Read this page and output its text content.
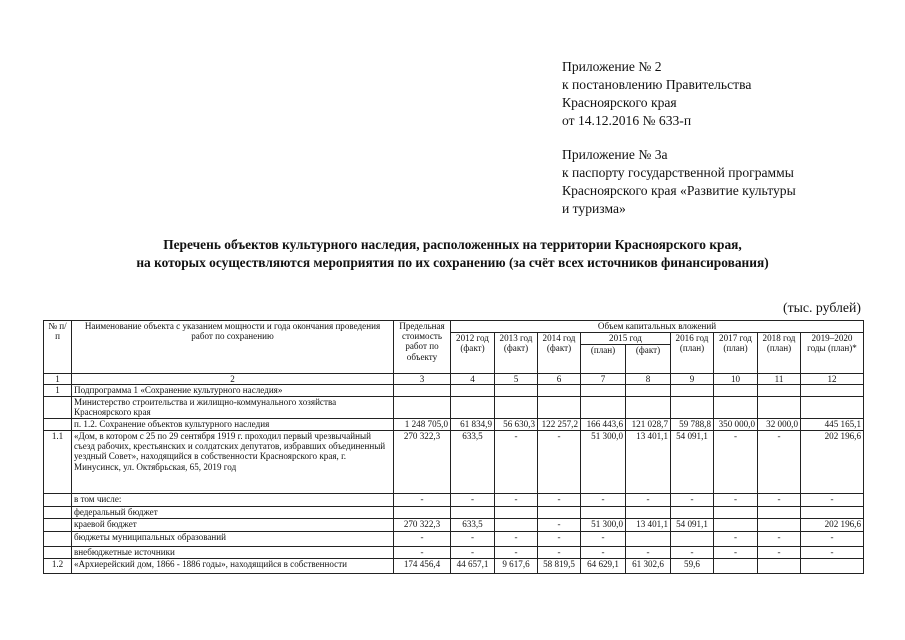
Приложение № 2
к постановлению Правительства
Красноярского края
от 14.12.2016 № 633-п
Приложение № 3а
к паспорту государственной программы
Красноярского края «Развитие культуры
и туризма»
Перечень объектов культурного наследия, расположенных на территории Красноярского края,
на которых осуществляются мероприятия по их сохранению (за счёт всех источников финансирования)
(тыс. рублей)
№ п/п	Наименование объекта с указанием мощности и года окончания проведения работ по сохранению	Предельная стоимость работ по объекту	Объем капитальных вложений								
			2012 год (факт)	2013 год (факт)	2014 год (факт)	2015 год		2016 год (план)	2017 год (план)	2018 год (план)	2019–2020 годы (план)*
						(план)	(факт)				
1	2	3	4	5	6	7	8	9	10	11	12
1	Подпрограмма 1 «Сохранение культурного наследия»										
	Министерство строительства и жилищно-коммунального хозяйства Красноярского края										
	п. 1.2. Сохранение объектов культурного наследия	1 248 705,0	61 834,9	56 630,3	122 257,2	166 443,6	121 028,7	59 788,8	350 000,0	32 000,0	445 165,1
1.1	«Дом, в котором с 25 по 29 сентября 1919 г. проходил первый чрезвычайный съезд рабочих, крестьянских и солдатских депутатов, избравших объединенный уездный Совет», находящийся в собственности Красноярского края, г. Минусинск, ул. Октябрьская, 65, 2019 год	270 322,3	633,5	-	-	51 300,0	13 401,1	54 091,1	-	-	202 196,6
	в том числе:	-	-	-	-	-	-	-	-	-	-
	федеральный бюджет										
	краевой бюджет	270 322,3	633,5		-	51 300,0	13 401,1	54 091,1			202 196,6
	бюджеты муниципальных образований	-	-	-	-	-			-	-	-
	внебюджетные источники	-	-	-	-	-	-	-	-	-	-
1.2	«Архиерейский дом, 1866 - 1886 годы», находящийся в собственности	174 456,4	44 657,1	9 617,6	58 819,5	64 629,1	61 302,6	59,6			
